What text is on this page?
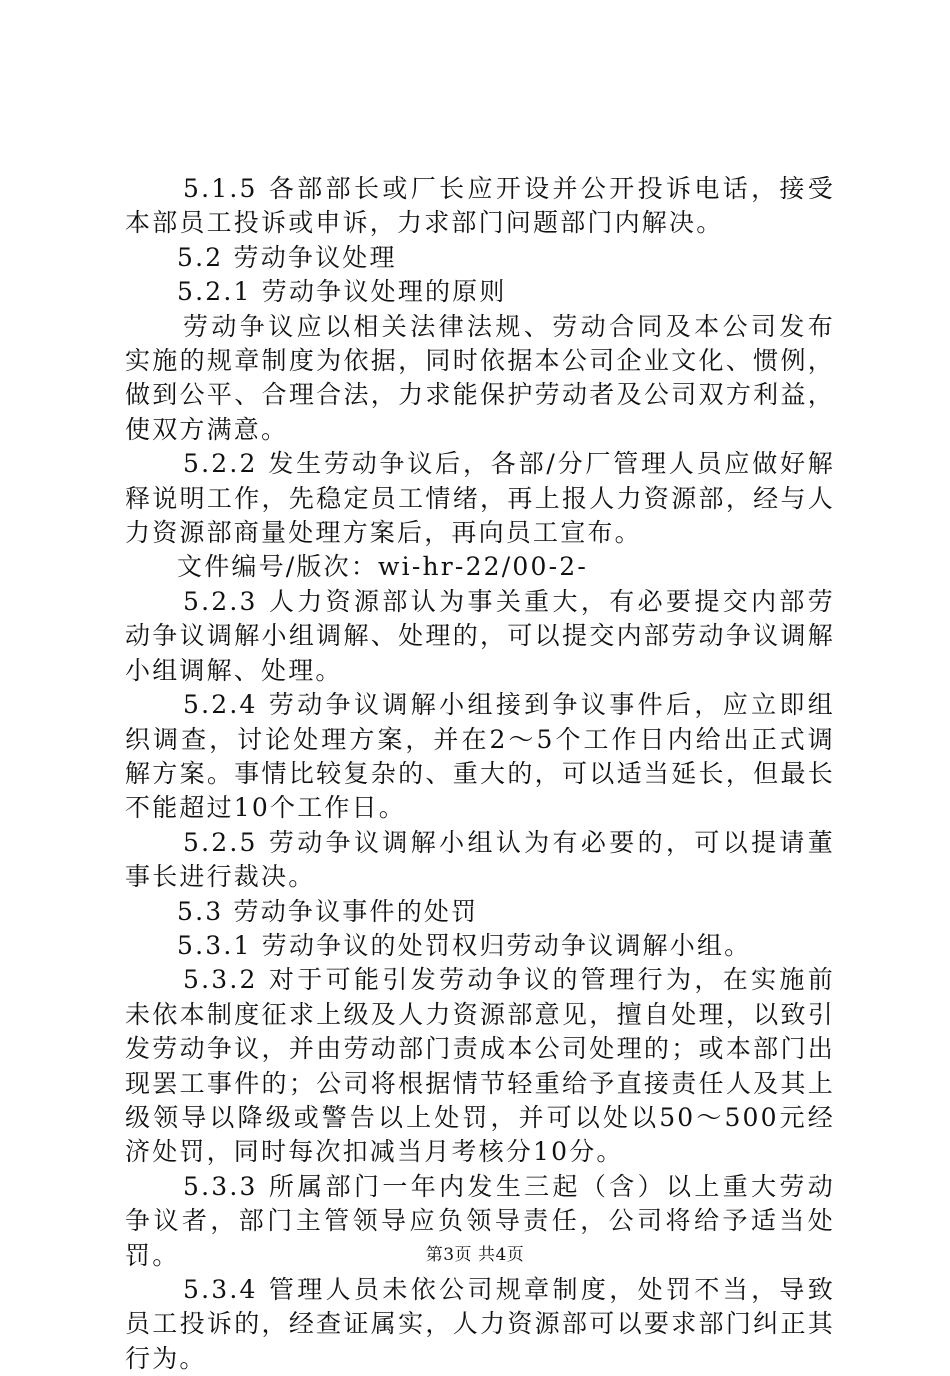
5.1.5 各部部长或厂长应开设并公开投诉电话，接受本部员工投诉或申诉，力求部门问题部门内解决。

5.2 劳动争议处理

5.2.1 劳动争议处理的原则

劳动争议应以相关法律法规、劳动合同及本公司发布实施的规章制度为依据，同时依据本公司企业文化、惯例，做到公平、合理合法，力求能保护劳动者及公司双方利益，使双方满意。

5.2.2 发生劳动争议后，各部/分厂管理人员应做好解释说明工作，先稳定员工情绪，再上报人力资源部，经与人力资源部商量处理方案后，再向员工宣布。

文件编号/版次：wi-hr-22/00-2-

5.2.3 人力资源部认为事关重大，有必要提交内部劳动争议调解小组调解、处理的，可以提交内部劳动争议调解小组调解、处理。

5.2.4 劳动争议调解小组接到争议事件后，应立即组织调查，讨论处理方案，并在2～5个工作日内给出正式调解方案。事情比较复杂的、重大的，可以适当延长，但最长不能超过10个工作日。

5.2.5 劳动争议调解小组认为有必要的，可以提请董事长进行裁决。

5.3 劳动争议事件的处罚

5.3.1 劳动争议的处罚权归劳动争议调解小组。

5.3.2 对于可能引发劳动争议的管理行为，在实施前未依本制度征求上级及人力资源部意见，擅自处理，以致引发劳动争议，并由劳动部门责成本公司处理的；或本部门出现罢工事件的；公司将根据情节轻重给予直接责任人及其上级领导以降级或警告以上处罚，并可以处以50～500元经济处罚，同时每次扣减当月考核分10分。

5.3.3 所属部门一年内发生三起（含）以上重大劳动争议者，部门主管领导应负领导责任，公司将给予适当处罚。

5.3.4 管理人员未依公司规章制度，处罚不当，导致员工投诉的，经查证属实，人力资源部可以要求部门纠正其行为。

第3页 共4页
